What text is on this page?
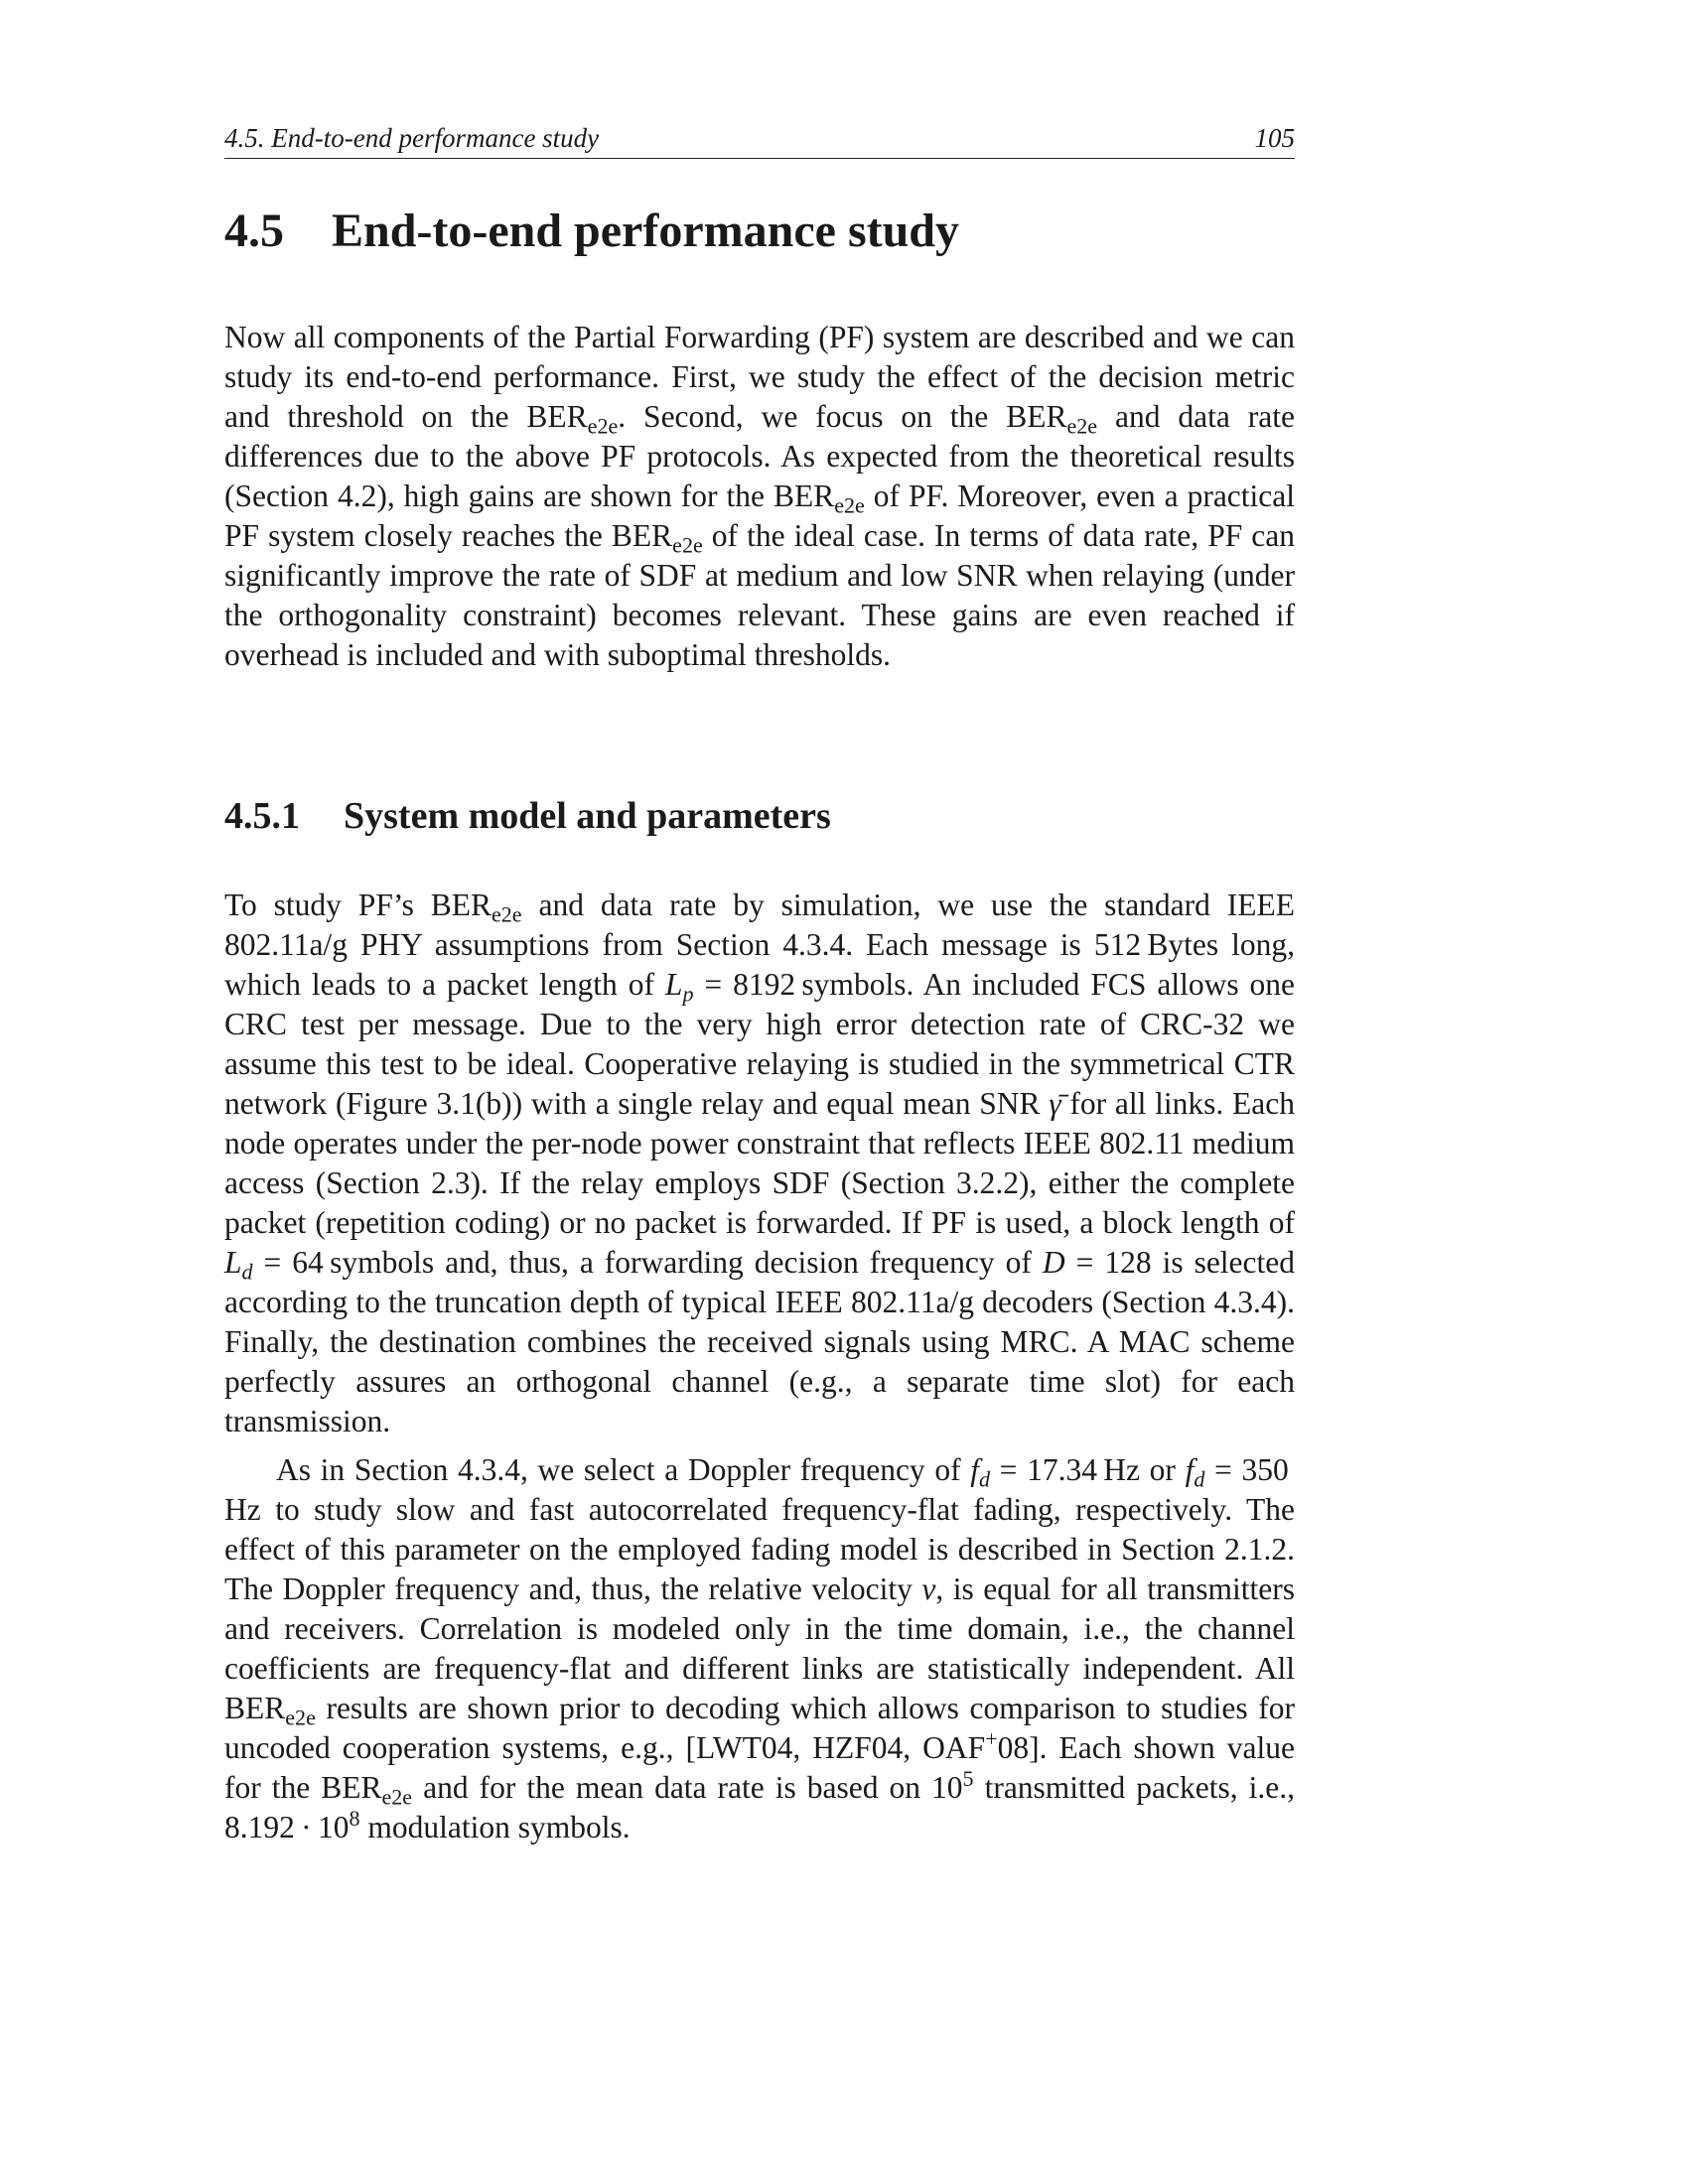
4.5. End-to-end performance study	105
4.5 End-to-end performance study

Now all components of the Partial Forwarding (PF) system are described and we can study its end-to-end performance. First, we study the effect of the decision metric and threshold on the $BER_{e2e}$. Second, we focus on the $BER_{e2e}$ and data rate differences due to the above PF protocols. As expected from the theoretical results (Section 4.2), high gains are shown for the $BER_{e2e}$ of PF. Moreover, even a practical PF system closely reaches the $BER_{e2e}$ of the ideal case. In terms of data rate, PF can significantly improve the rate of SDF at medium and low SNR when relaying (under the orthogonality constraint) becomes relevant. These gains are even reached if overhead is included and with suboptimal thresholds.

4.5.1 System model and parameters

To study PF’s $BER_{e2e}$ and data rate by simulation, we use the standard IEEE 802.11a/g PHY assumptions from Section 4.3.4. Each message is 512 Bytes long, which leads to a packet length of $L_p = 8192$ symbols. An included FCS allows one CRC test per message. Due to the very high error detection rate of CRC-32 we assume this test to be ideal. Cooperative relaying is studied in the symmetrical CTR network (Figure 3.1(b)) with a single relay and equal mean SNR γ̄ for all links. Each node operates under the per-node power constraint that reflects IEEE 802.11 medium access (Section 2.3). If the relay employs SDF (Section 3.2.2), either the complete packet (repetition coding) or no packet is forwarded. If PF is used, a block length of $L_d = 64$ symbols and, thus, a forwarding decision frequency of D = 128 is selected according to the truncation depth of typical IEEE 802.11a/g decoders (Section 4.3.4). Finally, the destination combines the received signals using MRC. A MAC scheme perfectly assures an orthogonal channel (e.g., a separate time slot) for each transmission.

As in Section 4.3.4, we select a Doppler frequency of $f_d = 17.34$ Hz or $f_d = 350$ Hz to study slow and fast autocorrelated frequency-flat fading, respectively. The effect of this parameter on the employed fading model is described in Section 2.1.2. The Doppler frequency and, thus, the relative velocity v, is equal for all transmitters and receivers. Correlation is modeled only in the time domain, i.e., the channel coefficients are frequency-flat and different links are statistically independent. All $BER_{e2e}$ results are shown prior to decoding which allows comparison to studies for uncoded cooperation systems, e.g., [LWT04, HZF04, OAF+08]. Each shown value for the $BER_{e2e}$ and for the mean data rate is based on $10^5$ transmitted packets, i.e., $8.192 \cdot 10^8$ modulation symbols.
